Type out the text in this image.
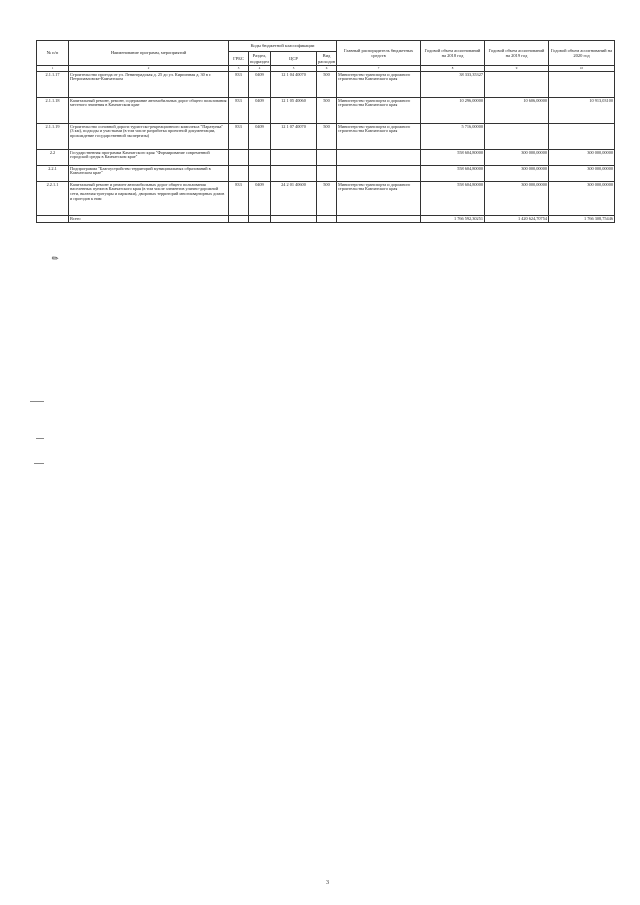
№ п/п	Наименование программ, мероприятий	Коды бюджетной классификации				Главный распорядитель бюджетных средств	Годовой объем ассигнований на 2018 год	Годовой объем ассигнований на 2019 год	Годовой объем ассигнований на 2020 год
		ГРБС	Раздел, подраздел	ЦСР	Вид расходов				
1	2	3	4	5	6	7	8	9	10
2.1.1.17	Строительство проезда от ул. Ленинградская д. 25 до ул. Кирпичная д. 30 в г. Петропавловске-Камчатском	833	0409	12 1 04 40070	500	Министерство транспорта и дорожного строительства Камчатского края	38 333,35327		
2.1.1.18	Капитальный ремонт, ремонт, содержание автомобильных дорог общего пользования местного значения в Камчатском крае	833	0409	12 1 05 40060	500	Министерство транспорта и дорожного строительства Камчатского края	10 296,00000	10 606,00000	10 913,03100
2.1.1.19	Строительство основной дороги туристско-рекреационного комплекса "Паратунка" (3 км), подходы и участками (в том числе разработка проектной документации, прохождение государственной экспертизы)	833	0409	12 1 07 40070	500	Министерство транспорта и дорожного строительства Камчатского края	5 716,00000		
2.2	Государственная программа Камчатского края "Формирование современной городской среды в Камчатском крае"						558 604,80000	300 000,00000	300 000,00000
2.2.1	Подпрограмма "Благоустройство территорий муниципальных образований в Камчатском крае"						558 604,80000	300 000,00000	300 000,00000
2.2.1.1	Капитальный ремонт и ремонт автомобильных дорог общего пользования населенных пунктов Камчатского края (в том числе элементов улично-дорожной сети, включая тротуары и парковки), дворовых территорий многоквартирных домов и проездов к ним	833	0409	24 2 01 40600	500	Министерство транспорта и дорожного строительства Камчатского края	558 604,80000	300 000,00000	300 000,00000
	Всего						1 766 592,30251	1 420 624,70754	1 766 308,75446
✎
3
